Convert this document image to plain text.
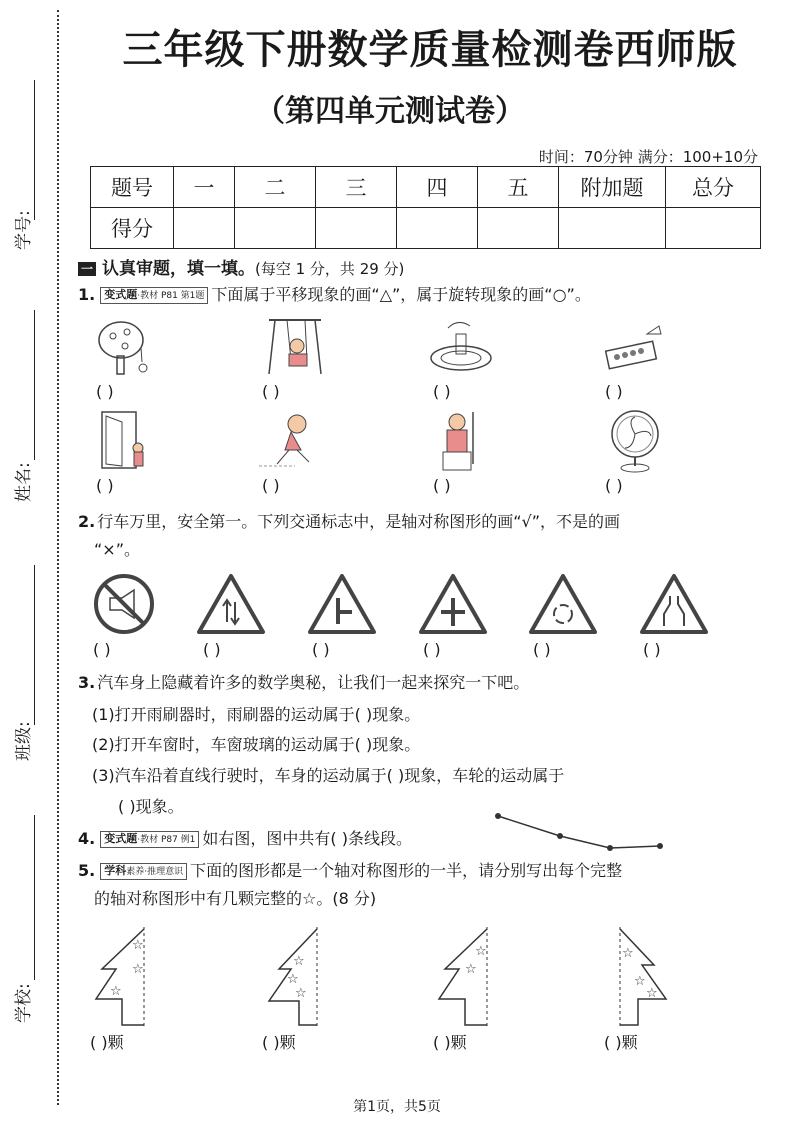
学号:
姓名:
班级:
学校:
三年级下册数学质量检测卷西师版
（第四单元测试卷）
时间：70分钟 满分：100+10分
题号	一	二	三	四	五	附加题	总分
得分							
一 认真审题，填一填。(每空 1 分，共 29 分)
1. 变式题·教材 P81 第1题 下面属于平移现象的画“△”，属于旋转现象的画“○”。
( )	( )	( )	( )
( )	( )	( )	( )
2. 行车万里，安全第一。下列交通标志中，是轴对称图形的画“√”，不是的画
“×”。
( )	( )	( )	( )	( )	( )
3. 汽车身上隐藏着许多的数学奥秘，让我们一起来探究一下吧。
(1)打开雨刷器时，雨刷器的运动属于( )现象。
(2)打开车窗时，车窗玻璃的运动属于( )现象。
(3)汽车沿着直线行驶时，车身的运动属于( )现象，车轮的运动属于
( )现象。
4. 变式题·教材 P87 例1 如右图，图中共有( )条线段。
5. 学科素养·推理意识 下面的图形都是一个轴对称图形的一半，请分别写出每个完整
的轴对称图形中有几颗完整的☆。(8 分)
☆
☆
☆
☆
☆
☆
☆
☆	☆
☆
☆
( )颗	( )颗	( )颗	( )颗
第1页，共5页
